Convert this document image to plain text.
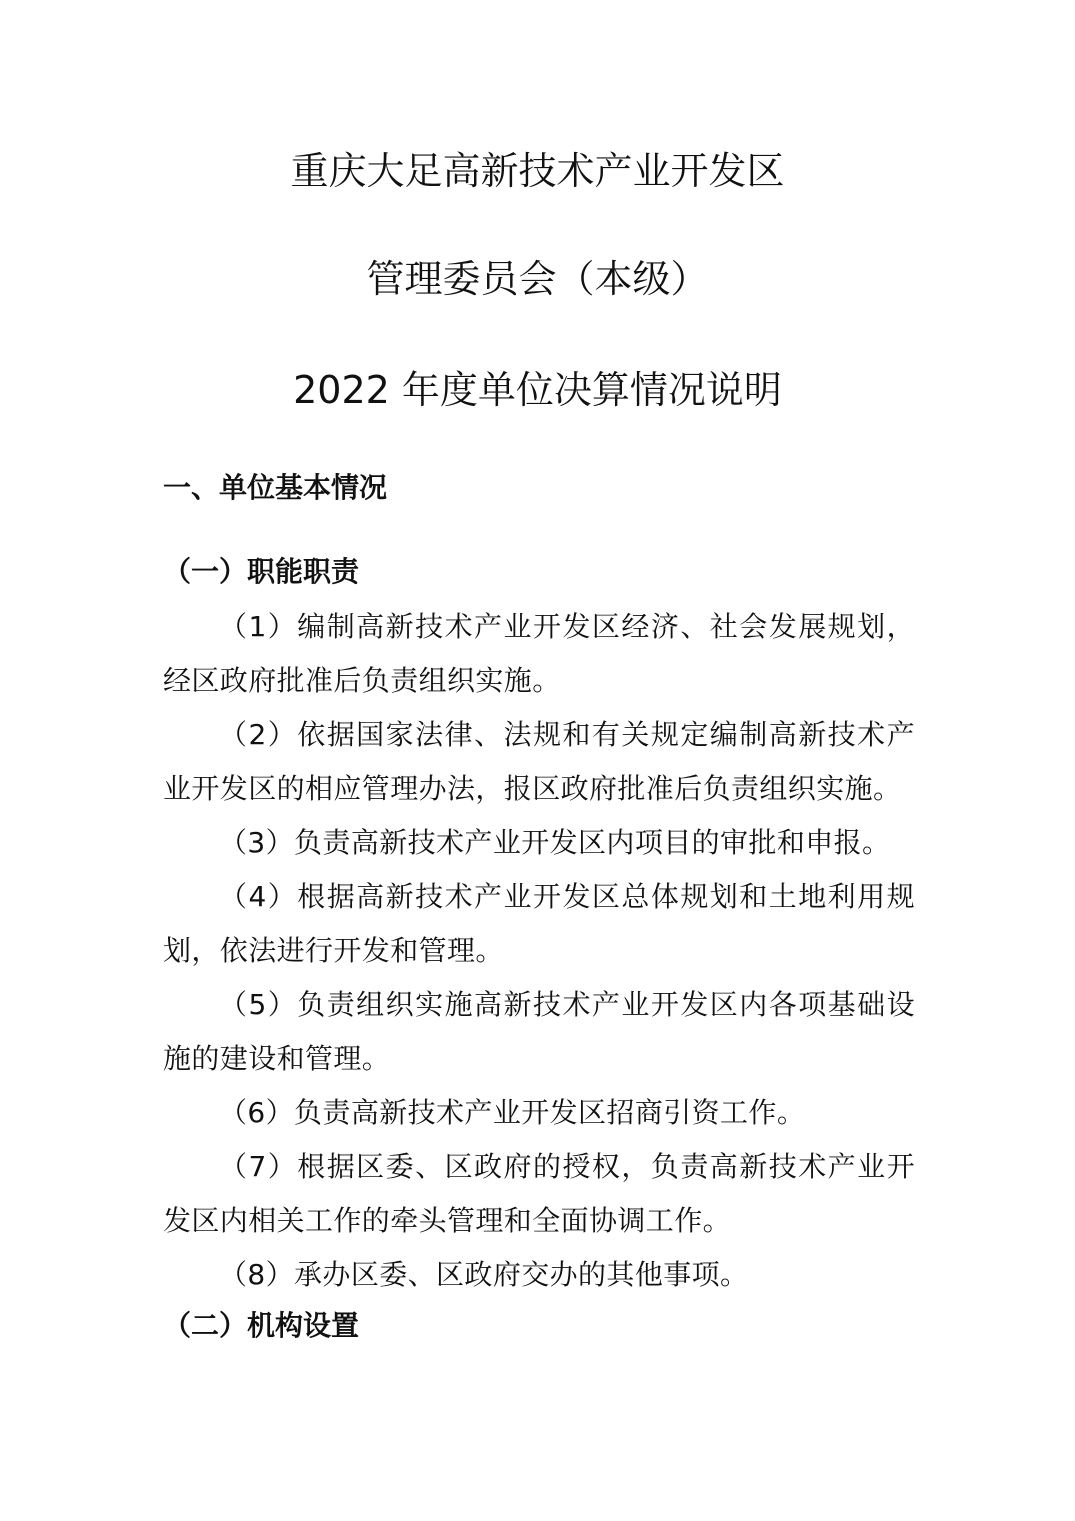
重庆大足高新技术产业开发区
管理委员会（本级）
2022 年度单位决算情况说明
一、单位基本情况
（一）职能职责

（1）编制高新技术产业开发区经济、社会发展规划，经区政府批准后负责组织实施。

（2）依据国家法律、法规和有关规定编制高新技术产业开发区的相应管理办法，报区政府批准后负责组织实施。

（3）负责高新技术产业开发区内项目的审批和申报。

（4）根据高新技术产业开发区总体规划和土地利用规划，依法进行开发和管理。

（5）负责组织实施高新技术产业开发区内各项基础设施的建设和管理。

（6）负责高新技术产业开发区招商引资工作。

（7）根据区委、区政府的授权，负责高新技术产业开发区内相关工作的牵头管理和全面协调工作。

（8）承办区委、区政府交办的其他事项。

（二）机构设置
